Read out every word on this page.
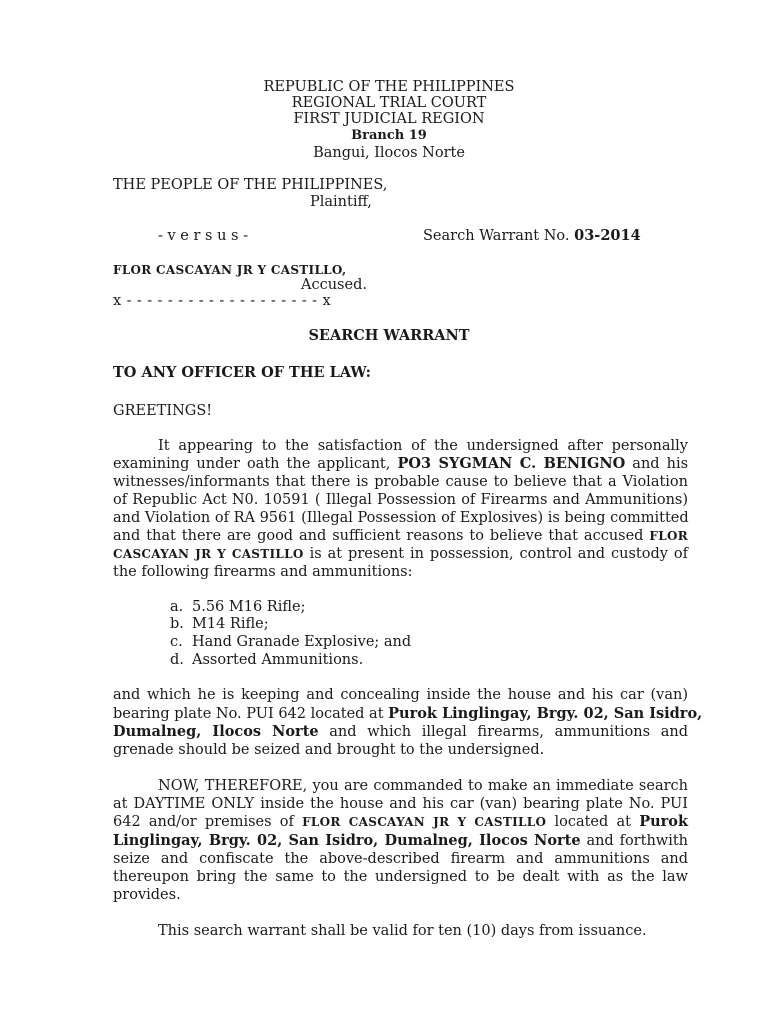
REPUBLIC OF THE PHILIPPINES
REGIONAL TRIAL COURT
FIRST JUDICIAL REGION
Branch 19
Bangui, Ilocos Norte
THE PEOPLE OF THE PHILIPPINES,
Plaintiff,
- v e r s u s -	Search Warrant No. 03-2014
FLOR CASCAYAN JR Y CASTILLO,
Accused.
x - - - - - - - - - - - - - - - - - - - x
SEARCH WARRANT
TO ANY OFFICER OF THE LAW:
GREETINGS!
It appearing to the satisfaction of the undersigned after personally
examining under oath the applicant, PO3 SYGMAN C. BENIGNO and his
witnesses/informants that there is probable cause to believe that a Violation
of Republic Act N0. 10591 ( Illegal Possession of Firearms and Ammunitions)
and Violation of RA 9561 (Illegal Possession of Explosives) is being committed
and that there are good and sufficient reasons to believe that accused FLOR
CASCAYAN JR Y CASTILLO is at present in possession, control and custody of
the following firearms and ammunitions:
a. 5.56 M16 Rifle;
b. M14 Rifle;
c. Hand Granade Explosive; and
d. Assorted Ammunitions.
and which he is keeping and concealing inside the house and his car (van)
bearing plate No. PUI 642 located at Purok Linglingay, Brgy. 02, San Isidro,
Dumalneg, Ilocos Norte and which illegal firearms, ammunitions and
grenade should be seized and brought to the undersigned.
NOW, THEREFORE, you are commanded to make an immediate search
at DAYTIME ONLY inside the house and his car (van) bearing plate No. PUI
642 and/or premises of FLOR CASCAYAN JR Y CASTILLO located at Purok
Linglingay, Brgy. 02, San Isidro, Dumalneg, Ilocos Norte and forthwith
seize and confiscate the above-described firearm and ammunitions and
thereupon bring the same to the undersigned to be dealt with as the law
provides.
This search warrant shall be valid for ten (10) days from issuance.
